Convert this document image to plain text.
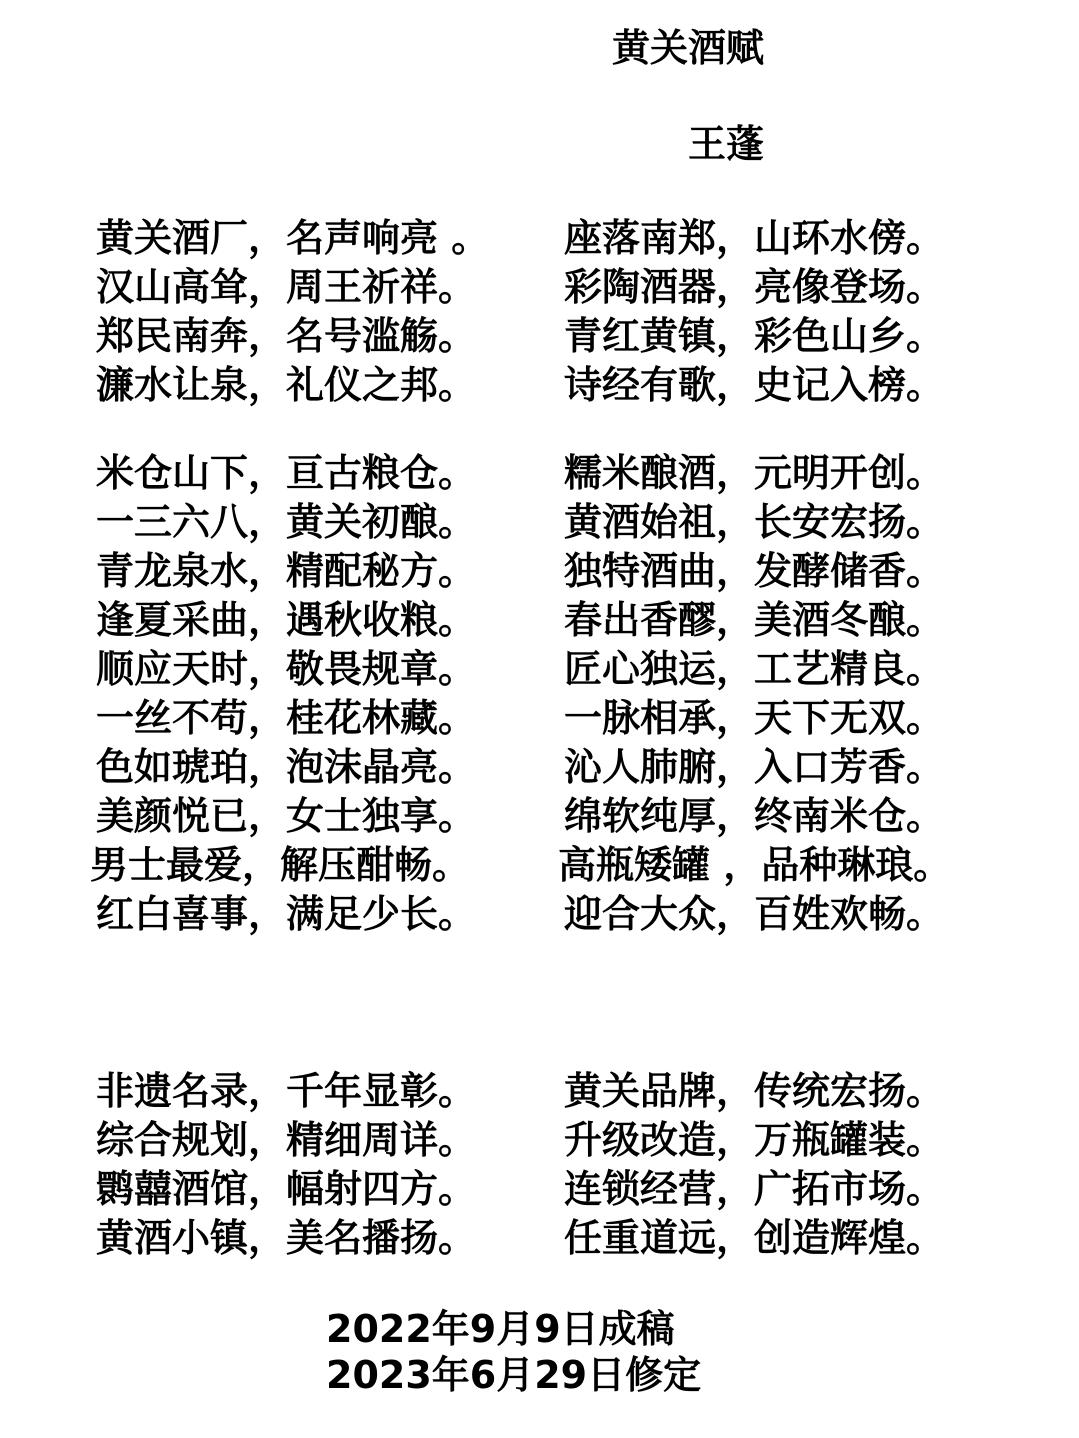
黄关酒赋
王蓬
黄关酒厂，名声响亮 。 座落南郑，山环水傍。
汉山高耸，周王祈祥。 彩陶酒器，亮像登场。
郑民南奔，名号滥觞。 青红黄镇，彩色山乡。
濂水让泉，礼仪之邦。 诗经有歌，史记入榜。
米仓山下，亘古粮仓。 糯米酿酒，元明开创。
一三六八，黄关初酿。 黄酒始祖，长安宏扬。
青龙泉水，精配秘方。 独特酒曲，发酵储香。
逢夏采曲，遇秋收粮。 春出香醪，美酒冬酿。
顺应天时，敬畏规章。 匠心独运，工艺精良。
一丝不苟，桂花林藏。 一脉相承，天下无双。
色如琥珀，泡沫晶亮。 沁人肺腑，入口芳香。
美颜悦已，女士独享。 绵软纯厚，终南米仓。
男士最爱，解压酣畅。 高瓶矮罐 ，品种琳琅。
红白喜事，满足少长。 迎合大众，百姓欢畅。
非遗名录，千年显彰。 黄关品牌，传统宏扬。
综合规划，精细周详。 升级改造，万瓶罐装。
鹮囍酒馆，幅射四方。 连锁经营，广拓市场。
黄酒小镇，美名播扬。 任重道远，创造辉煌。
2022年9月9日成稿
2023年6月29日修定
